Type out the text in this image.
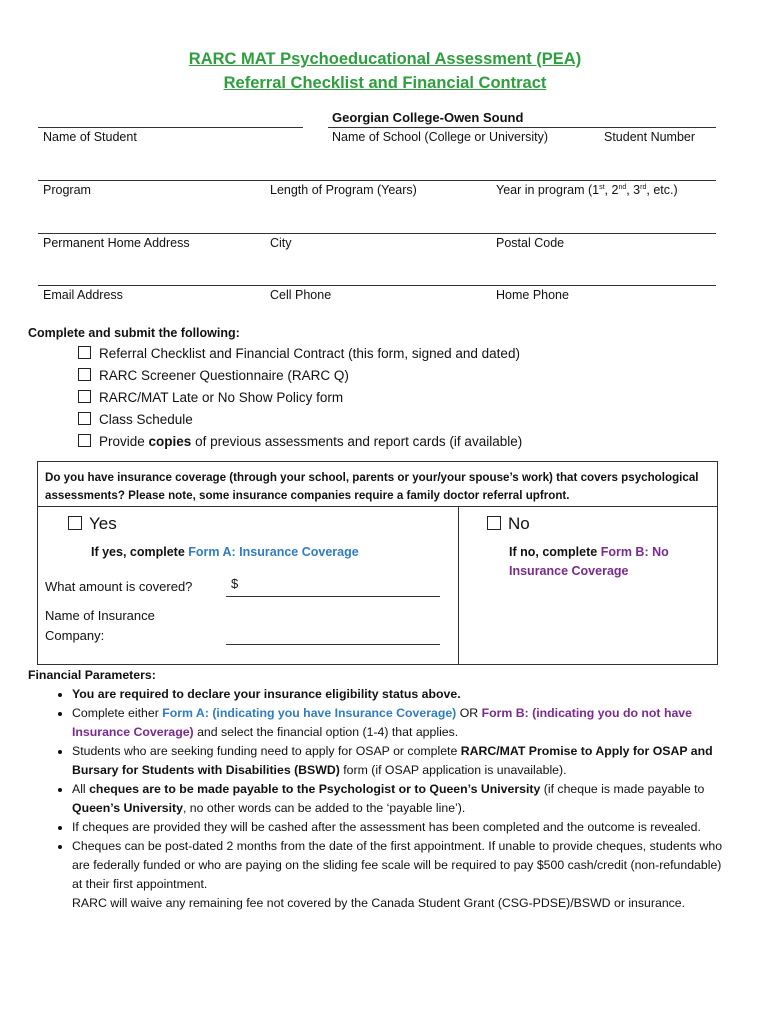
RARC MAT Psychoeducational Assessment (PEA)
Referral Checklist and Financial Contract
Georgian College-Owen Sound
Name of Student	Name of School (College or University)	Student Number
Program	Length of Program (Years)	Year in program (1st, 2nd, 3rd, etc.)
Permanent Home Address	City	Postal Code
Email Address	Cell Phone	Home Phone
Complete and submit the following:
Referral Checklist and Financial Contract (this form, signed and dated)
RARC Screener Questionnaire (RARC Q)
RARC/MAT Late or No Show Policy form
Class Schedule
Provide copies of previous assessments and report cards (if available)
Do you have insurance coverage (through your school, parents or your/your spouse’s work) that covers psychological assessments? Please note, some insurance companies require a family doctor referral upfront.
Yes
If yes, complete Form A: Insurance Coverage
What amount is covered?	$
Name of Insurance
Company:
No
If no, complete Form B: No
Insurance Coverage
Financial Parameters:
• You are required to declare your insurance eligibility status above.
• Complete either Form A: (indicating you have Insurance Coverage) OR Form B: (indicating you do not have Insurance Coverage) and select the financial option (1-4) that applies.
• Students who are seeking funding need to apply for OSAP or complete RARC/MAT Promise to Apply for OSAP and Bursary for Students with Disabilities (BSWD) form (if OSAP application is unavailable).
• All cheques are to be made payable to the Psychologist or to Queen’s University (if cheque is made payable to Queen’s University, no other words can be added to the ‘payable line’).
• If cheques are provided they will be cashed after the assessment has been completed and the outcome is revealed.
• Cheques can be post-dated 2 months from the date of the first appointment. If unable to provide cheques, students who are federally funded or who are paying on the sliding fee scale will be required to pay $500 cash/credit (non-refundable) at their first appointment.
RARC will waive any remaining fee not covered by the Canada Student Grant (CSG-PDSE)/BSWD or insurance.
